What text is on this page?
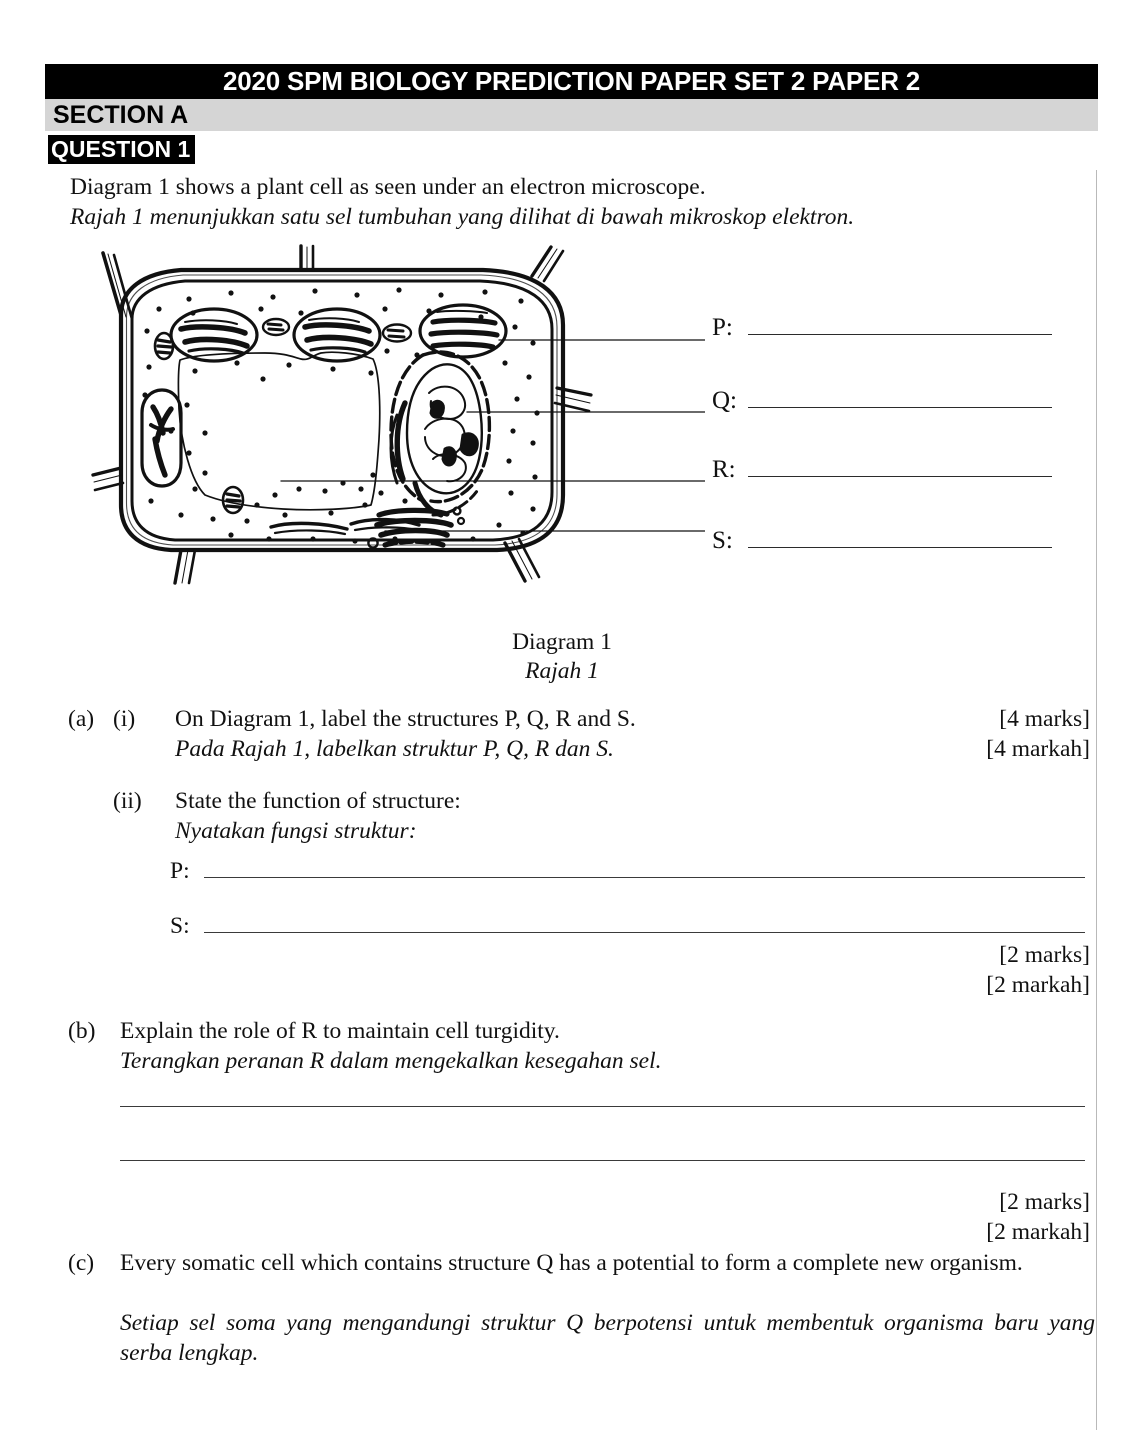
2020 SPM BIOLOGY PREDICTION PAPER SET 2 PAPER 2
SECTION A
QUESTION 1
Diagram 1 shows a plant cell as seen under an electron microscope.
Rajah 1 menunjukkan satu sel tumbuhan yang dilihat di bawah mikroskop elektron.
P:
Q:
R:
S:
Diagram 1
Rajah 1
(a) (i) On Diagram 1, label the structures P, Q, R and S.
Pada Rajah 1, labelkan struktur P, Q, R dan S.
[4 marks]
[4 markah]
(ii) State the function of structure:
Nyatakan fungsi struktur:
P:
S:
[2 marks]
[2 markah]
(b) Explain the role of R to maintain cell turgidity.
Terangkan peranan R dalam mengekalkan kesegahan sel.
[2 marks]
[2 markah]
(c) Every somatic cell which contains structure Q has a potential to form a complete new organism.
Setiap sel soma yang mengandungi struktur Q berpotensi untuk membentuk organisma baru yang serba lengkap.
